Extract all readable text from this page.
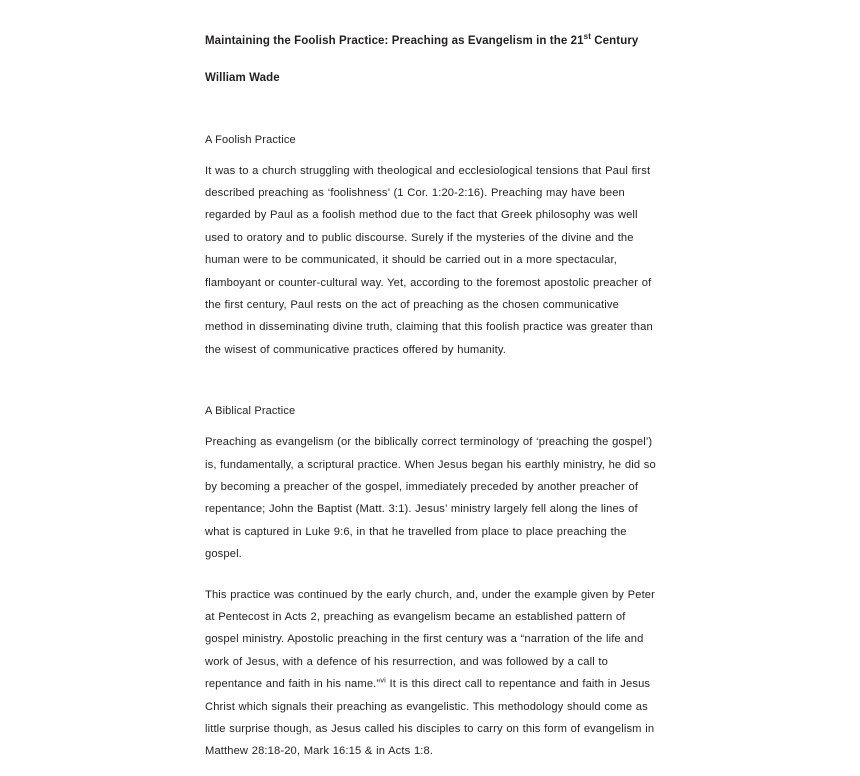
Maintaining the Foolish Practice: Preaching as Evangelism in the 21st Century

William Wade

A Foolish Practice

It was to a church struggling with theological and ecclesiological tensions that Paul first described preaching as ‘foolishness’ (1 Cor. 1:20-2:16). Preaching may have been regarded by Paul as a foolish method due to the fact that Greek philosophy was well used to oratory and to public discourse. Surely if the mysteries of the divine and the human were to be communicated, it should be carried out in a more spectacular, flamboyant or counter-cultural way. Yet, according to the foremost apostolic preacher of the first century, Paul rests on the act of preaching as the chosen communicative method in disseminating divine truth, claiming that this foolish practice was greater than the wisest of communicative practices offered by humanity.

A Biblical Practice

Preaching as evangelism (or the biblically correct terminology of ‘preaching the gospel’) is, fundamentally, a scriptural practice. When Jesus began his earthly ministry, he did so by becoming a preacher of the gospel, immediately preceded by another preacher of repentance; John the Baptist (Matt. 3:1). Jesus’ ministry largely fell along the lines of what is captured in Luke 9:6, in that he travelled from place to place preaching the gospel.

This practice was continued by the early church, and, under the example given by Peter at Pentecost in Acts 2, preaching as evangelism became an established pattern of gospel ministry. Apostolic preaching in the first century was a “narration of the life and work of Jesus, with a defence of his resurrection, and was followed by a call to repentance and faith in his name.”$^{vi}$ It is this direct call to repentance and faith in Jesus Christ which signals their preaching as evangelistic. This methodology should come as little surprise though, as Jesus called his disciples to carry on this form of evangelism in Matthew 28:18-20, Mark 16:15 & in Acts 1:8.
